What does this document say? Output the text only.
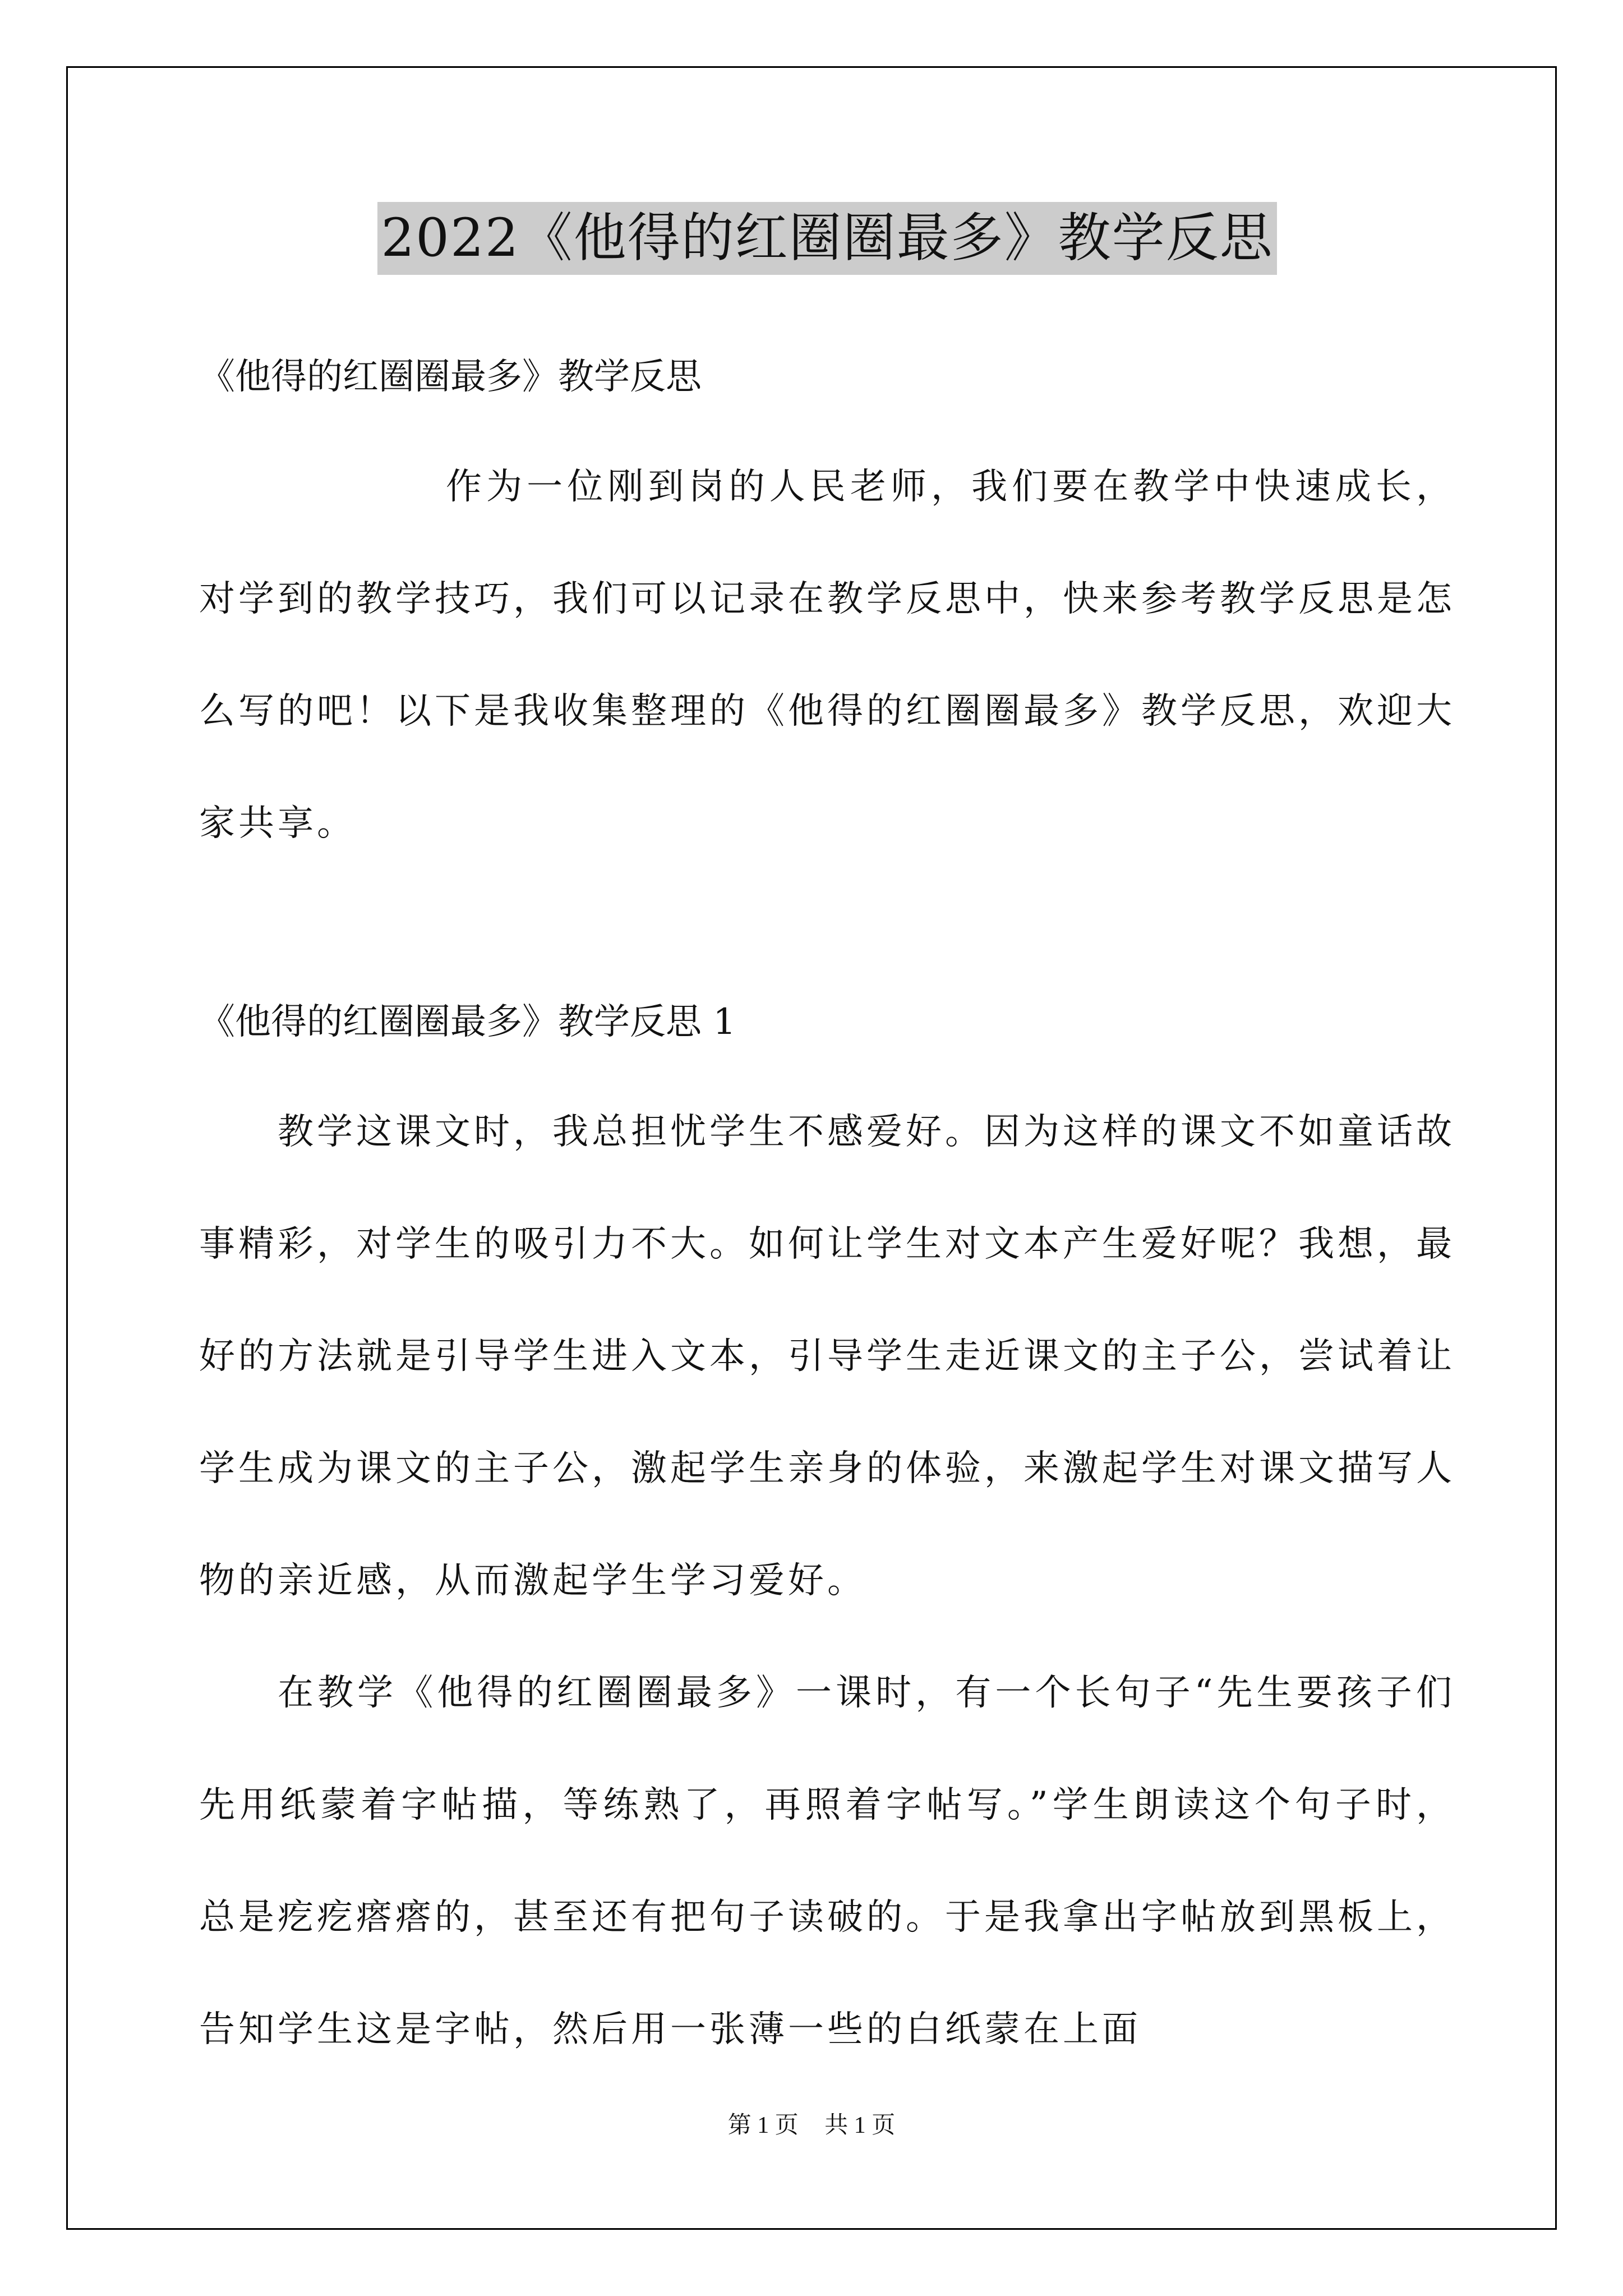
2022《他得的红圈圈最多》教学反思
《他得的红圈圈最多》教学反思
作为一位刚到岗的人民老师，我们要在教学中快速成长，对学到的教学技巧，我们可以记录在教学反思中，快来参考教学反思是怎么写的吧！以下是我收集整理的《他得的红圈圈最多》教学反思，欢迎大家共享。
《他得的红圈圈最多》教学反思 1
教学这课文时，我总担忧学生不感爱好。因为这样的课文不如童话故事精彩，对学生的吸引力不大。如何让学生对文本产生爱好呢？我想，最好的方法就是引导学生进入文本，引导学生走近课文的主子公，尝试着让学生成为课文的主子公，激起学生亲身的体验，来激起学生对课文描写人物的亲近感，从而激起学生学习爱好。
在教学《他得的红圈圈最多》一课时，有一个长句子“先生要孩子们先用纸蒙着字帖描，等练熟了，再照着字帖写。”学生朗读这个句子时，总是疙疙瘩瘩的，甚至还有把句子读破的。于是我拿出字帖放到黑板上，告知学生这是字帖，然后用一张薄一些的白纸蒙在上面
第 1 页 共 1 页
